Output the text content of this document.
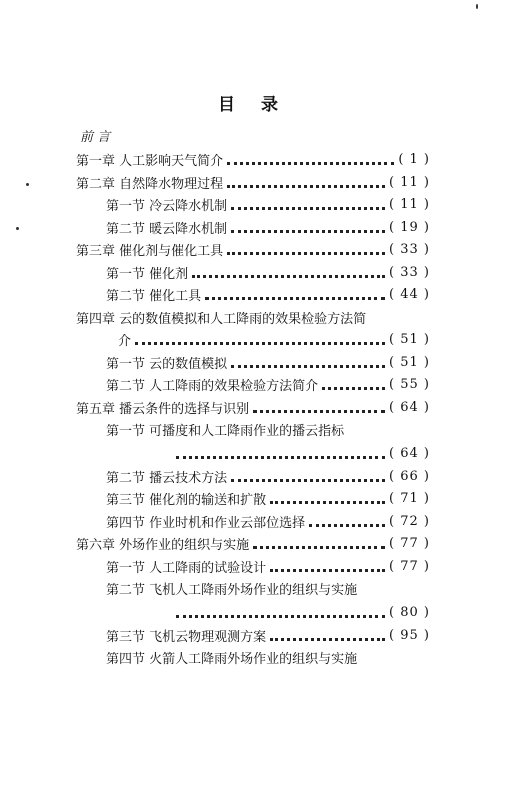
目 录
前 言
第一章 人工影响天气简介	( 1 )
第二章 自然降水物理过程	( 11 )
第一节 冷云降水机制	( 11 )
第二节 暖云降水机制	( 19 )
第三章 催化剂与催化工具	( 33 )
第一节 催化剂	( 33 )
第二节 催化工具	( 44 )
第四章 云的数值模拟和人工降雨的效果检验方法简
介	( 51 )
第一节 云的数值模拟	( 51 )
第二节 人工降雨的效果检验方法简介	( 55 )
第五章 播云条件的选择与识别	( 64 )
第一节 可播度和人工降雨作业的播云指标
( 64 )
第二节 播云技术方法	( 66 )
第三节 催化剂的输送和扩散	( 71 )
第四节 作业时机和作业云部位选择	( 72 )
第六章 外场作业的组织与实施	( 77 )
第一节 人工降雨的试验设计	( 77 )
第二节 飞机人工降雨外场作业的组织与实施
( 80 )
第三节 飞机云物理观测方案	( 95 )
第四节 火箭人工降雨外场作业的组织与实施
